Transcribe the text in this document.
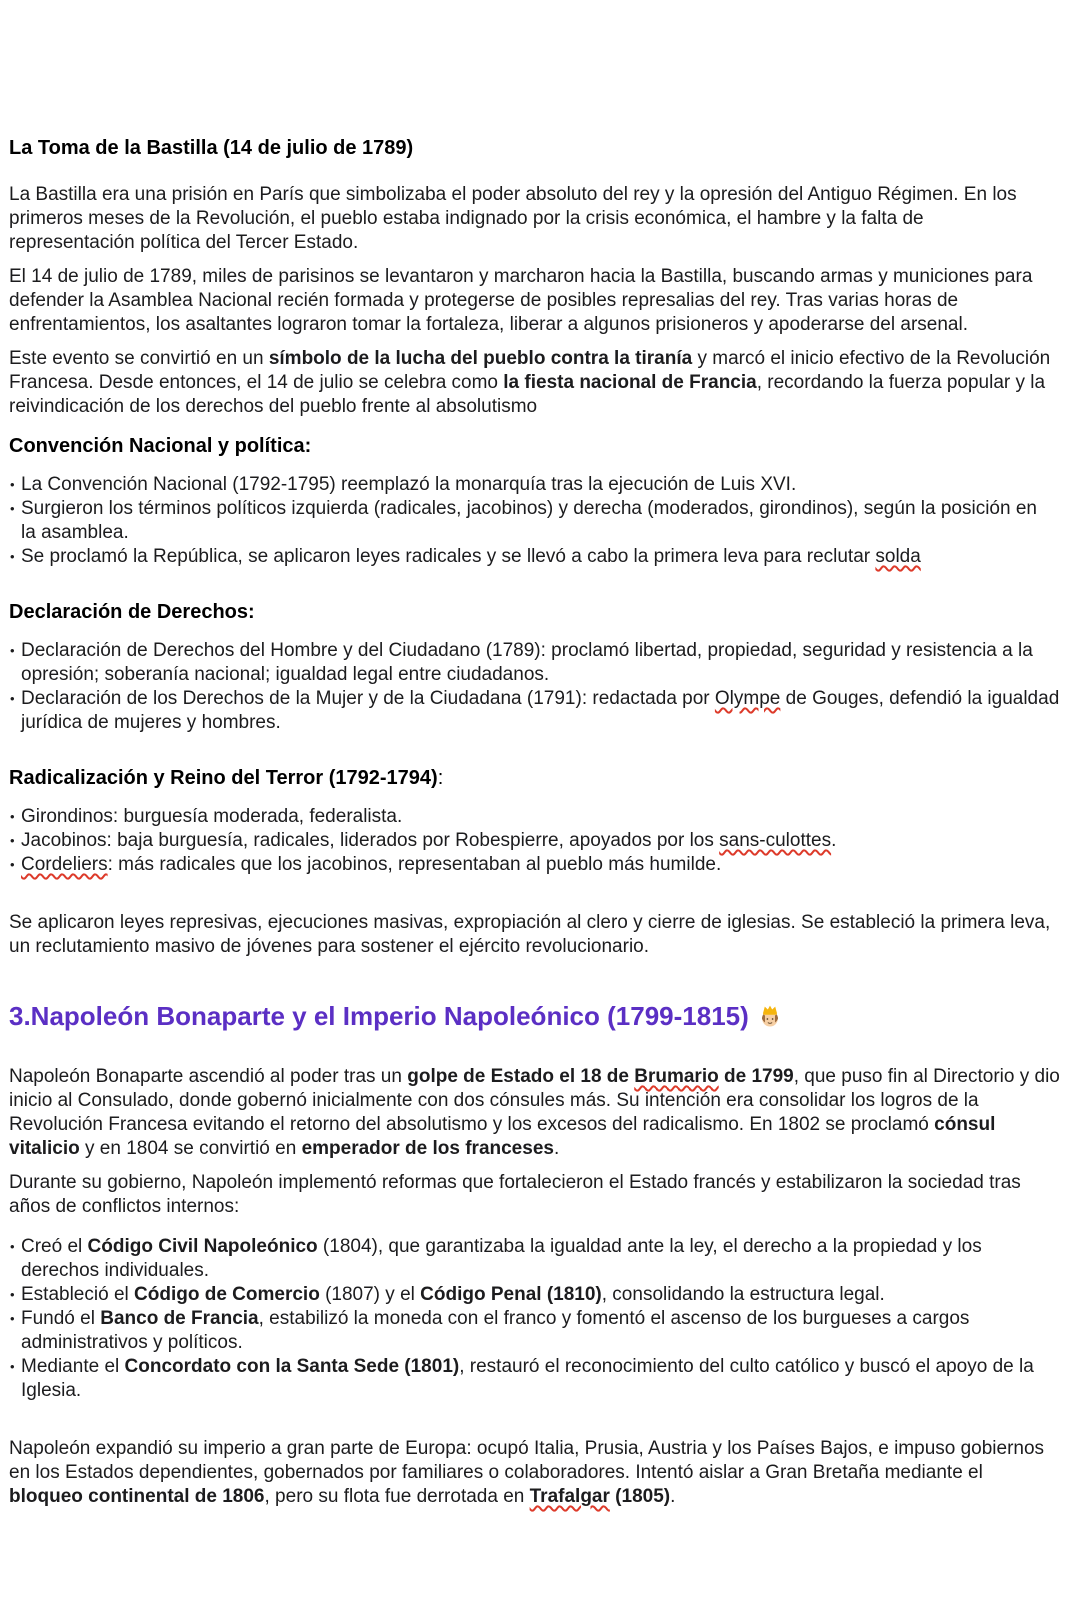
La Toma de la Bastilla (14 de julio de 1789)
La Bastilla era una prisión en París que simbolizaba el poder absoluto del rey y la opresión del Antiguo Régimen. En los
primeros meses de la Revolución, el pueblo estaba indignado por la crisis económica, el hambre y la falta de
representación política del Tercer Estado.
El 14 de julio de 1789, miles de parisinos se levantaron y marcharon hacia la Bastilla, buscando armas y municiones para
defender la Asamblea Nacional recién formada y protegerse de posibles represalias del rey. Tras varias horas de
enfrentamientos, los asaltantes lograron tomar la fortaleza, liberar a algunos prisioneros y apoderarse del arsenal.
Este evento se convirtió en un símbolo de la lucha del pueblo contra la tiranía y marcó el inicio efectivo de la Revolución
Francesa. Desde entonces, el 14 de julio se celebra como la fiesta nacional de Francia, recordando la fuerza popular y la
reivindicación de los derechos del pueblo frente al absolutismo
Convención Nacional y política:
• La Convención Nacional (1792-1795) reemplazó la monarquía tras la ejecución de Luis XVI.
• Surgieron los términos políticos izquierda (radicales, jacobinos) y derecha (moderados, girondinos), según la posición en
la asamblea.
• Se proclamó la República, se aplicaron leyes radicales y se llevó a cabo la primera leva para reclutar solda
Declaración de Derechos:
• Declaración de Derechos del Hombre y del Ciudadano (1789): proclamó libertad, propiedad, seguridad y resistencia a la
opresión; soberanía nacional; igualdad legal entre ciudadanos.
• Declaración de los Derechos de la Mujer y de la Ciudadana (1791): redactada por Olympe de Gouges, defendió la igualdad
jurídica de mujeres y hombres.
Radicalización y Reino del Terror (1792-1794):
• Girondinos: burguesía moderada, federalista.
• Jacobinos: baja burguesía, radicales, liderados por Robespierre, apoyados por los sans-culottes.
• Cordeliers: más radicales que los jacobinos, representaban al pueblo más humilde.
Se aplicaron leyes represivas, ejecuciones masivas, expropiación al clero y cierre de iglesias. Se estableció la primera leva,
un reclutamiento masivo de jóvenes para sostener el ejército revolucionario.
3.Napoleón Bonaparte y el Imperio Napoleónico (1799-1815)
Napoleón Bonaparte ascendió al poder tras un golpe de Estado el 18 de Brumario de 1799, que puso fin al Directorio y dio
inicio al Consulado, donde gobernó inicialmente con dos cónsules más. Su intención era consolidar los logros de la
Revolución Francesa evitando el retorno del absolutismo y los excesos del radicalismo. En 1802 se proclamó cónsul
vitalicio y en 1804 se convirtió en emperador de los franceses.
Durante su gobierno, Napoleón implementó reformas que fortalecieron el Estado francés y estabilizaron la sociedad tras
años de conflictos internos:
• Creó el Código Civil Napoleónico (1804), que garantizaba la igualdad ante la ley, el derecho a la propiedad y los
derechos individuales.
• Estableció el Código de Comercio (1807) y el Código Penal (1810), consolidando la estructura legal.
• Fundó el Banco de Francia, estabilizó la moneda con el franco y fomentó el ascenso de los burgueses a cargos
administrativos y políticos.
• Mediante el Concordato con la Santa Sede (1801), restauró el reconocimiento del culto católico y buscó el apoyo de la
Iglesia.
Napoleón expandió su imperio a gran parte de Europa: ocupó Italia, Prusia, Austria y los Países Bajos, e impuso gobiernos
en los Estados dependientes, gobernados por familiares o colaboradores. Intentó aislar a Gran Bretaña mediante el
bloqueo continental de 1806, pero su flota fue derrotada en Trafalgar (1805).
